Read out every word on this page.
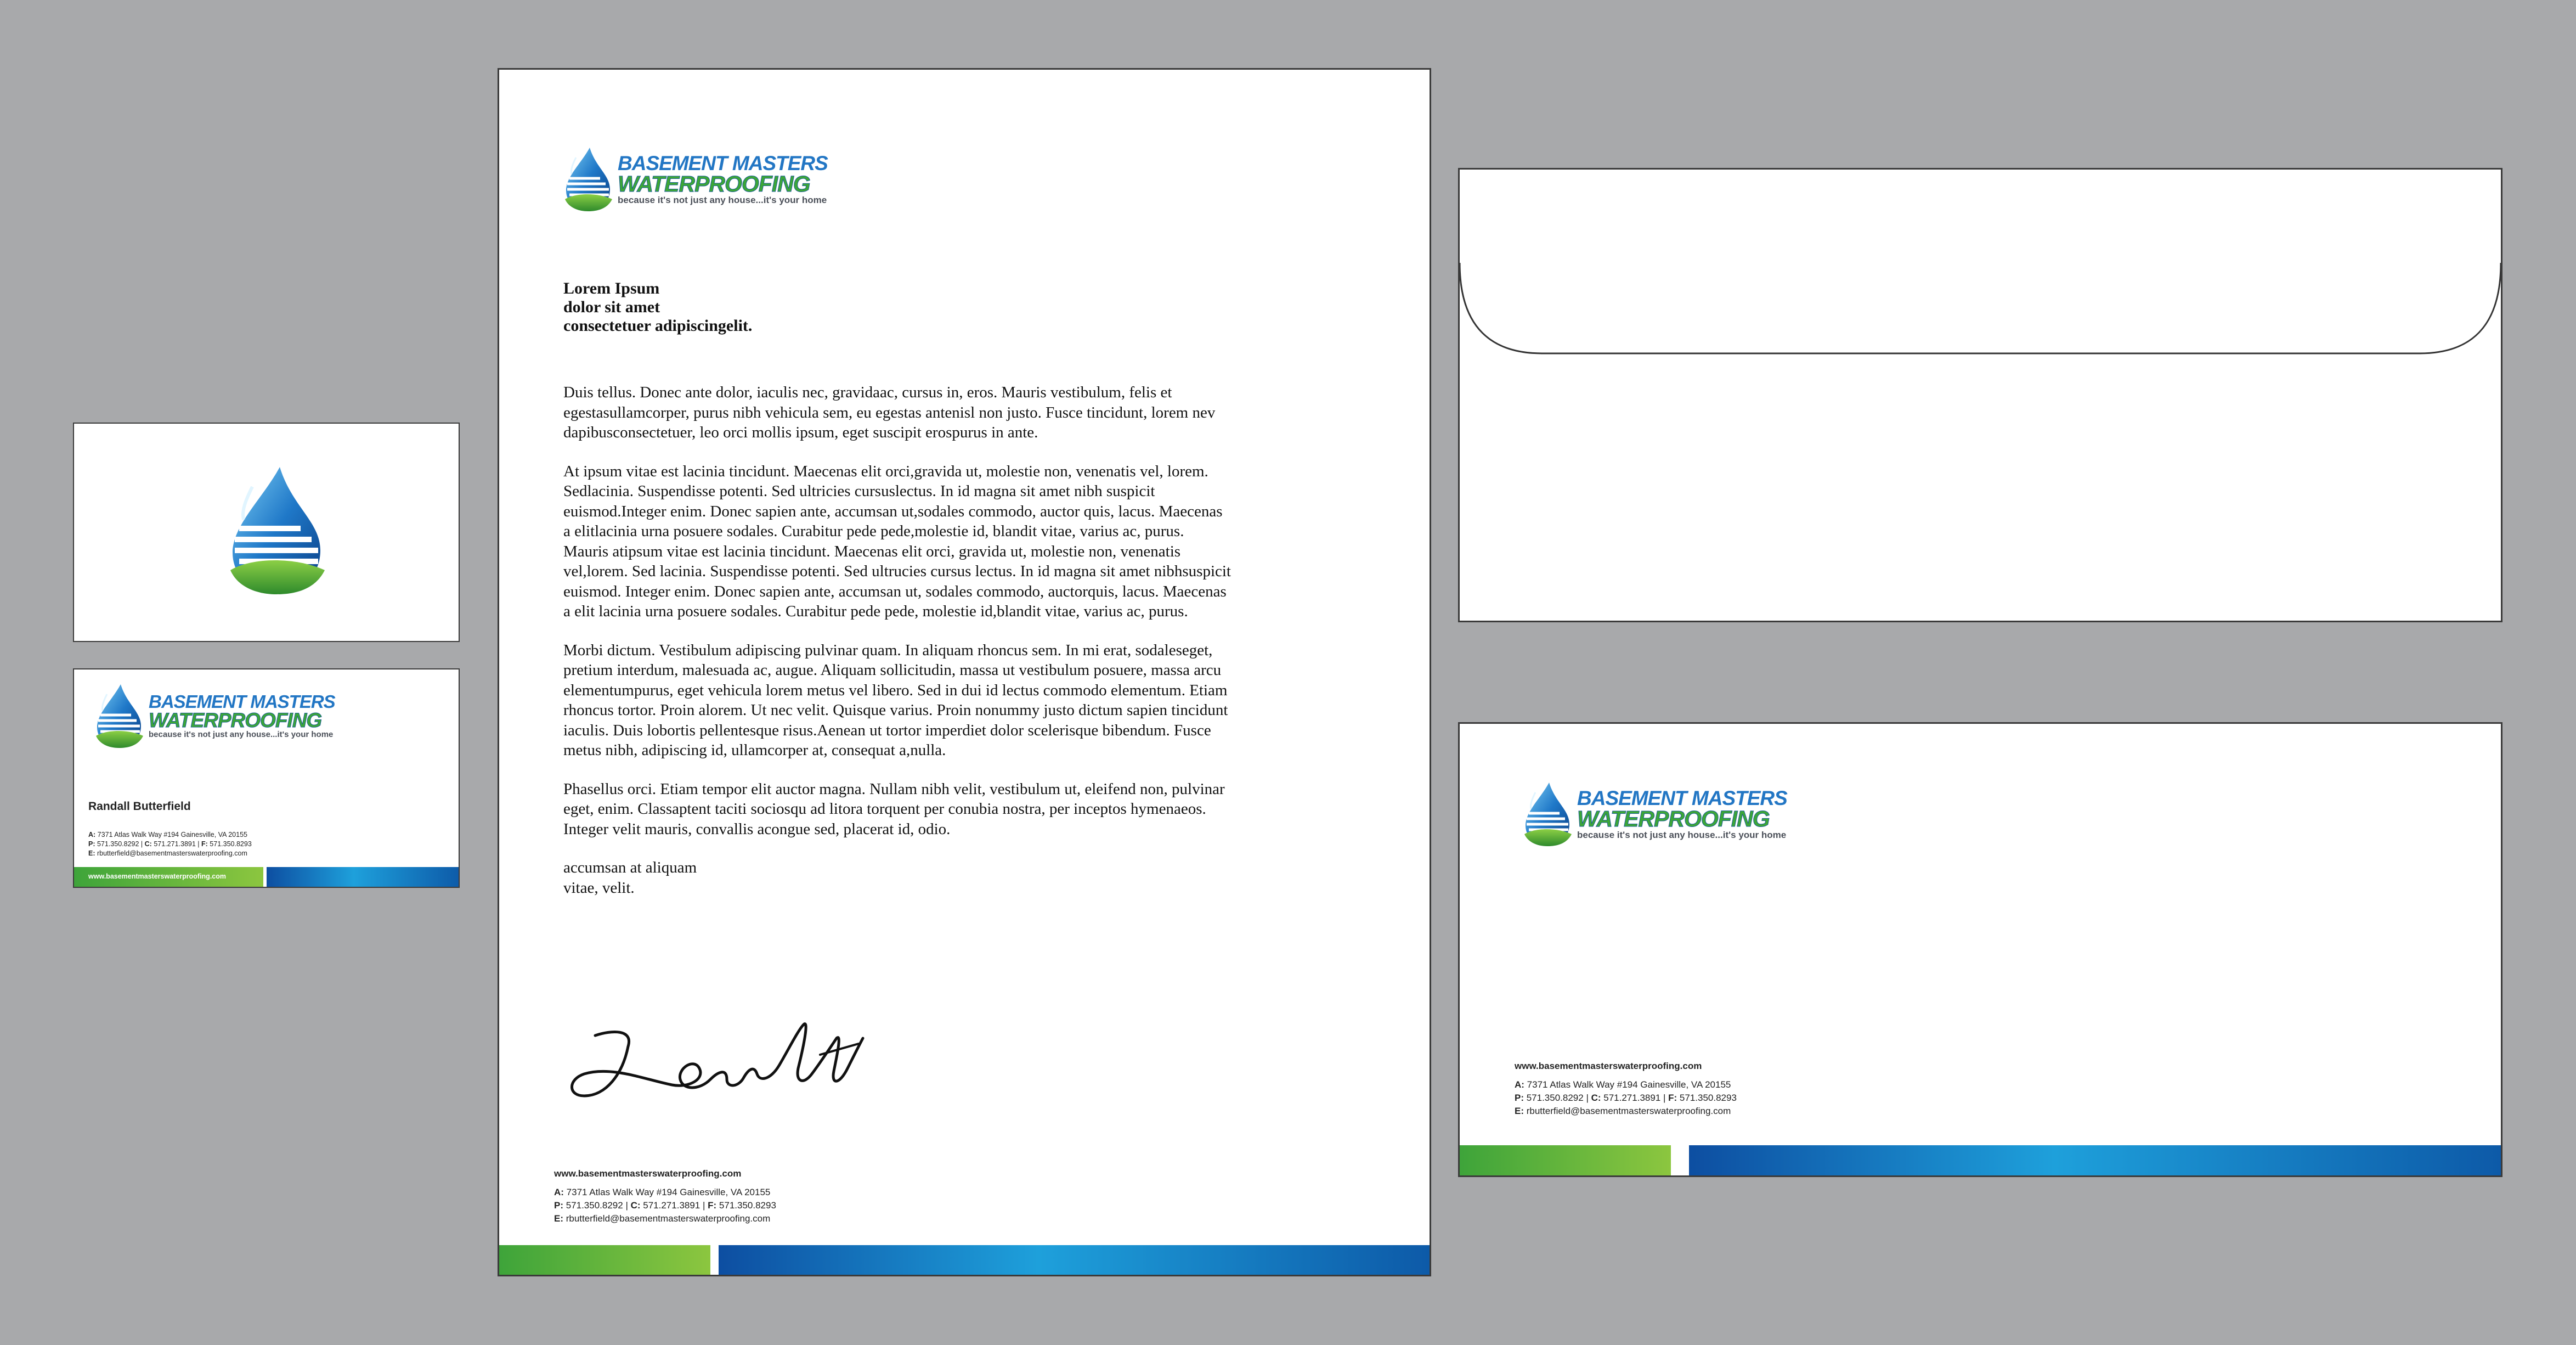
BASEMENT MASTERS
WATERPROOFING
because it's not just any house...it's your home
Randall Butterfield
A: 7371 Atlas Walk Way #194 Gainesville, VA 20155
P: 571.350.8292 | C: 571.271.3891 | F: 571.350.8293
E: rbutterfield@basementmasterswaterproofing.com
www.basementmasterswaterproofing.com
BASEMENT MASTERS
WATERPROOFING
because it's not just any house...it's your home
Lorem Ipsum
dolor sit amet
consectetuer adipiscingelit.

Duis tellus. Donec ante dolor, iaculis nec, gravidaac, cursus in, eros. Mauris vestibulum, felis et egestasullamcorper, purus nibh vehicula sem, eu egestas antenisl non justo. Fusce tincidunt, lorem nev dapibusconsectetuer, leo orci mollis ipsum, eget suscipit erospurus in ante.

At ipsum vitae est lacinia tincidunt. Maecenas elit orci,gravida ut, molestie non, venenatis vel, lorem. Sedlacinia. Suspendisse potenti. Sed ultricies cursuslectus. In id magna sit amet nibh suspicit euismod.Integer enim. Donec sapien ante, accumsan ut,sodales commodo, auctor quis, lacus. Maecenas a elitlacinia urna posuere sodales. Curabitur pede pede,molestie id, blandit vitae, varius ac, purus. Mauris atipsum vitae est lacinia tincidunt. Maecenas elit orci, gravida ut, molestie non, venenatis vel,lorem. Sed lacinia. Suspendisse potenti. Sed ultrucies cursus lectus. In id magna sit amet nibhsuspicit euismod. Integer enim. Donec sapien ante, accumsan ut, sodales commodo, auctorquis, lacus. Maecenas a elit lacinia urna posuere sodales. Curabitur pede pede, molestie id,blandit vitae, varius ac, purus.

Morbi dictum. Vestibulum adipiscing pulvinar quam. In aliquam rhoncus sem. In mi erat, sodaleseget, pretium interdum, malesuada ac, augue. Aliquam sollicitudin, massa ut vestibulum posuere, massa arcu elementumpurus, eget vehicula lorem metus vel libero. Sed in dui id lectus commodo elementum. Etiam rhoncus tortor. Proin alorem. Ut nec velit. Quisque varius. Proin nonummy justo dictum sapien tincidunt iaculis. Duis lobortis pellentesque risus.Aenean ut tortor imperdiet dolor scelerisque bibendum. Fusce metus nibh, adipiscing id, ullamcorper at, consequat a,nulla.

Phasellus orci. Etiam tempor elit auctor magna. Nullam nibh velit, vestibulum ut, eleifend non, pulvinar eget, enim. Classaptent taciti sociosqu ad litora torquent per conubia nostra, per inceptos hymenaeos. Integer velit mauris, convallis acongue sed, placerat id, odio.

accumsan at aliquam
vitae, velit.

www.basementmasterswaterproofing.com
A: 7371 Atlas Walk Way #194 Gainesville, VA 20155
P: 571.350.8292 | C: 571.271.3891 | F: 571.350.8293
E: rbutterfield@basementmasterswaterproofing.com
BASEMENT MASTERS
WATERPROOFING
because it's not just any house...it's your home
www.basementmasterswaterproofing.com
A: 7371 Atlas Walk Way #194 Gainesville, VA 20155
P: 571.350.8292 | C: 571.271.3891 | F: 571.350.8293
E: rbutterfield@basementmasterswaterproofing.com
